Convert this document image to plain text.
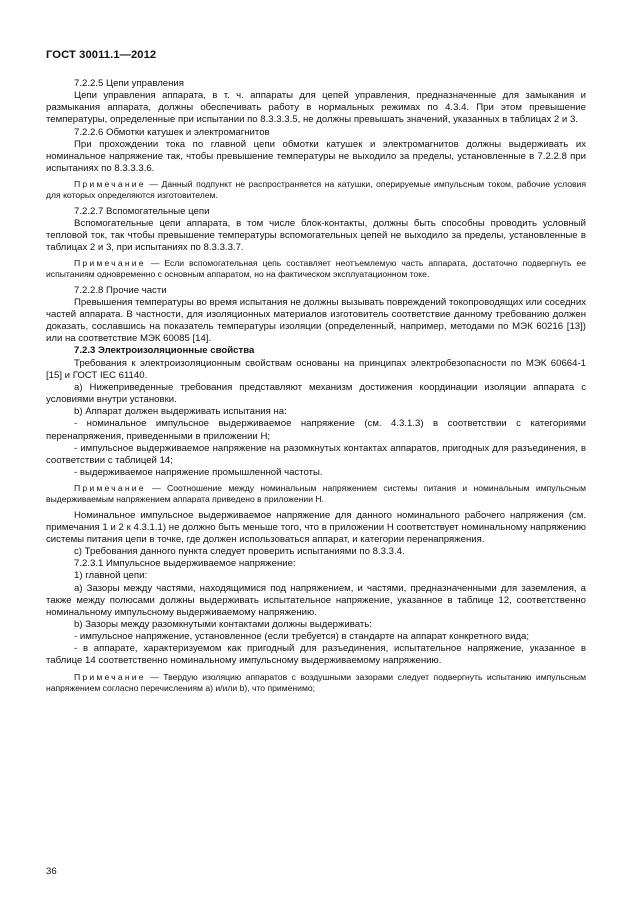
ГОСТ 30011.1—2012

7.2.2.5 Цепи управления

Цепи управления аппарата, в т. ч. аппараты для цепей управления, предназначенные для замыкания и размыкания аппарата, должны обеспечивать работу в нормальных режимах по 4.3.4. При этом превышение температуры, определенные при испытании по 8.3.3.3.5, не должны превышать значений, указанных в таблицах 2 и 3.

7.2.2.6 Обмотки катушек и электромагнитов

При прохождении тока по главной цепи обмотки катушек и электромагнитов должны выдерживать их номинальное напряжение так, чтобы превышение температуры не выходило за пределы, установленные в 7.2.2.8 при испытаниях по 8.3.3.3.6.

Примечание — Данный подпункт не распространяется на катушки, оперируемые импульсным током, рабочие условия для которых определяются изготовителем.

7.2.2.7 Вспомогательные цепи

Вспомогательные цепи аппарата, в том числе блок-контакты, должны быть способны проводить условный тепловой ток, так чтобы превышение температуры вспомогательных цепей не выходило за пределы, установленные в таблицах 2 и 3, при испытаниях по 8.3.3.3.7.

Примечание — Если вспомогательная цепь составляет неотъемлемую часть аппарата, достаточно подвергнуть ее испытаниям одновременно с основным аппаратом, но на фактическом эксплуатационном токе.

7.2.2.8 Прочие части

Превышения температуры во время испытания не должны вызывать повреждений токопроводящих или соседних частей аппарата. В частности, для изоляционных материалов изготовитель соответствие данному требованию должен доказать, сославшись на показатель температуры изоляции (определенный, например, методами по МЭК 60216 [13]) или на соответствие МЭК 60085 [14].

7.2.3 Электроизоляционные свойства

Требования к электроизоляционным свойствам основаны на принципах электробезопасности по МЭК 60664-1 [15] и ГОСТ IEC 61140.

a) Нижеприведенные требования представляют механизм достижения координации изоляции аппарата с условиями внутри установки.

b) Аппарат должен выдерживать испытания на:

- номинальное импульсное выдерживаемое напряжение (см. 4.3.1.3) в соответствии с категориями перенапряжения, приведенными в приложении Н;

- импульсное выдерживаемое напряжение на разомкнутых контактах аппаратов, пригодных для разъединения, в соответствии с таблицей 14;

- выдерживаемое напряжение промышленной частоты.

Примечание — Соотношение между номинальным напряжением системы питания и номинальным импульсным выдерживаемым напряжением аппарата приведено в приложении Н.

Номинальное импульсное выдерживаемое напряжение для данного номинального рабочего напряжения (см. примечания 1 и 2 к 4.3.1.1) не должно быть меньше того, что в приложении Н соответствует номинальному напряжению системы питания цепи в точке, где должен использоваться аппарат, и категории перенапряжения.

c) Требования данного пункта следует проверить испытаниями по 8.3.3.4.

7.2.3.1 Импульсное выдерживаемое напряжение:

1) главной цепи:

a) Зазоры между частями, находящимися под напряжением, и частями, предназначенными для заземления, а также между полюсами должны выдерживать испытательное напряжение, указанное в таблице 12, соответственно номинальному импульсному выдерживаемому напряжению.

b) Зазоры между разомкнутыми контактами должны выдерживать:

- импульсное напряжение, установленное (если требуется) в стандарте на аппарат конкретного вида;

- в аппарате, характеризуемом как пригодный для разъединения, испытательное напряжение, указанное в таблице 14 соответственно номинальному импульсному выдерживаемому напряжению.

Примечание — Твердую изоляцию аппаратов с воздушными зазорами следует подвергнуть испытанию импульсным напряжением согласно перечислениям a) и/или b), что применимо;

36
